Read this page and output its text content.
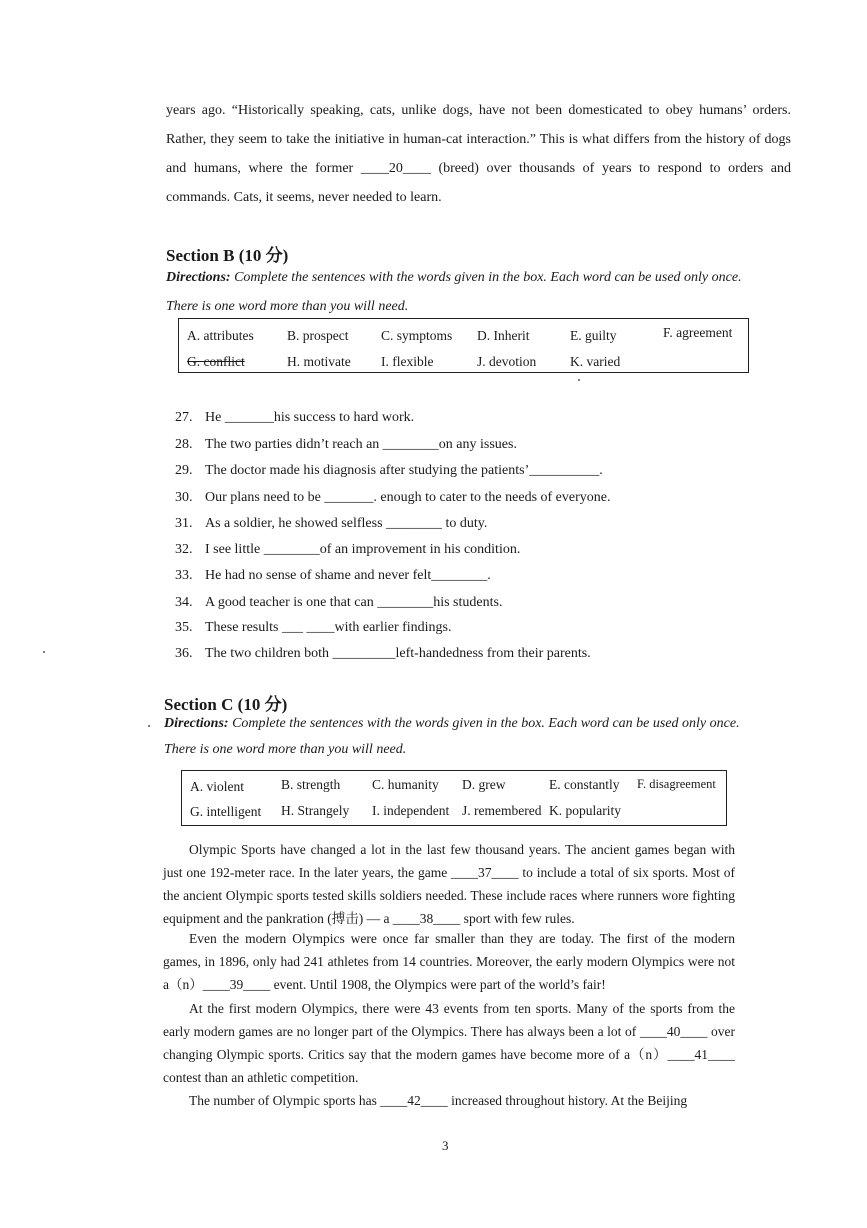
years ago. “Historically speaking, cats, unlike dogs, have not been domesticated to obey humans’ orders. Rather, they seem to take the initiative in human-cat interaction.” This is what differs from the history of dogs and humans, where the former ____20____ (breed) over thousands of years to respond to orders and commands. Cats, it seems, never needed to learn.

Section B (10 分)

Directions: Complete the sentences with the words given in the box. Each word can be used only once. There is one word more than you will need.

A. attributes B. prospect C. symptoms D. Inherit	E. guilty	F. agreement
G. conflict	H. motivate I. flexible	J. devotion	K. varied
27. He _______his success to hard work.
28. The two parties didn’t reach an ________on any issues.
29. The doctor made his diagnosis after studying the patients’__________.
30. Our plans need to be _______. enough to cater to the needs of everyone.
31. As a soldier, he showed selfless ________ to duty.
32. I see little ________of an improvement in his condition.
33. He had no sense of shame and never felt________.
34. A good teacher is one that can ________his students.
35. These results ___ ____with earlier findings.
36. The two children both _________left-handedness from their parents.
Section C (10 分)

Directions: Complete the sentences with the words given in the box. Each word can be used only once. There is one word more than you will need.

A. violent	B. strength C. humanity D. grew	E. constantly F. disagreement
G. intelligent H. Strangely I. independent J. remembered K. popularity

Olympic Sports have changed a lot in the last few thousand years. The ancient games began with just one 192-meter race. In the later years, the game ____37____ to include a total of six sports. Most of the ancient Olympic sports tested skills soldiers needed. These include races where runners wore fighting equipment and the pankration (搏击) — a ____38____ sport with few rules.

Even the modern Olympics were once far smaller than they are today. The first of the modern games, in 1896, only had 241 athletes from 14 countries. Moreover, the early modern Olympics were not a（n）____39____ event. Until 1908, the Olympics were part of the world’s fair!

At the first modern Olympics, there were 43 events from ten sports. Many of the sports from the early modern games are no longer part of the Olympics. There has always been a lot of ____40____ over changing Olympic sports. Critics say that the modern games have become more of a（n）____41____ contest than an athletic competition.

The number of Olympic sports has ____42____ increased throughout history. At the Beijing

3
